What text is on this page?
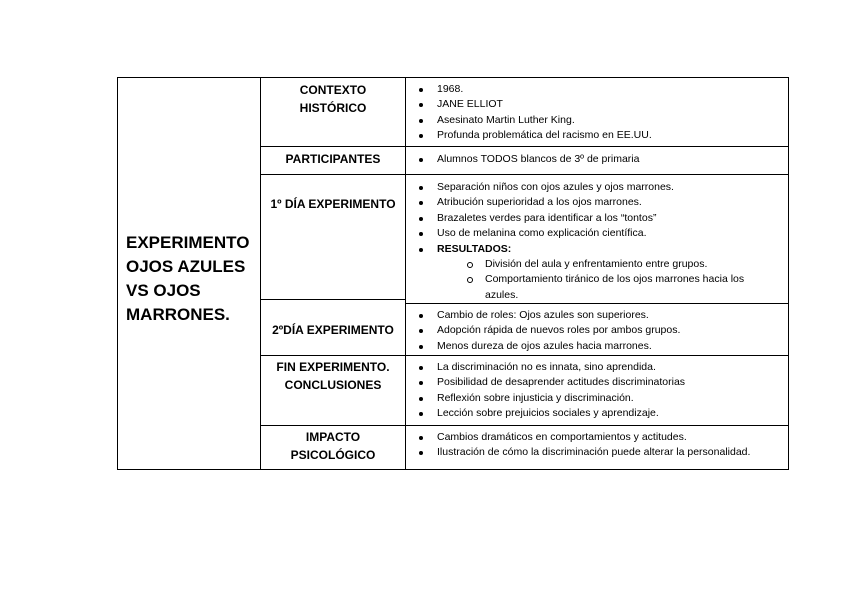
EXPERIMENTO
OJOS AZULES
VS OJOS
MARRONES.
CONTEXTO
HISTÓRICO
1968.
JANE ELLIOT
Asesinato Martin Luther King.
Profunda problemática del racismo en EE.UU.
PARTICIPANTES	Alumnos TODOS blancos de 3º de primaria
1º DÍA EXPERIMENTO
Separación niños con ojos azules y ojos marrones.
Atribución superioridad a los ojos marrones.
Brazaletes verdes para identificar a los “tontos”
Uso de melanina como explicación científica.
RESULTADOS:
División del aula y enfrentamiento entre grupos.
Comportamiento tiránico de los ojos marrones hacia los azules.
2ºDÍA EXPERIMENTO
Cambio de roles: Ojos azules son superiores.
Adopción rápida de nuevos roles por ambos grupos.
Menos dureza de ojos azules hacia marrones.
FIN EXPERIMENTO.
CONCLUSIONES
La discriminación no es innata, sino aprendida.
Posibilidad de desaprender actitudes discriminatorias
Reflexión sobre injusticia y discriminación.
Lección sobre prejuicios sociales y aprendizaje.
IMPACTO
PSICOLÓGICO
Cambios dramáticos en comportamientos y actitudes.
Ilustración de cómo la discriminación puede alterar la personalidad.
